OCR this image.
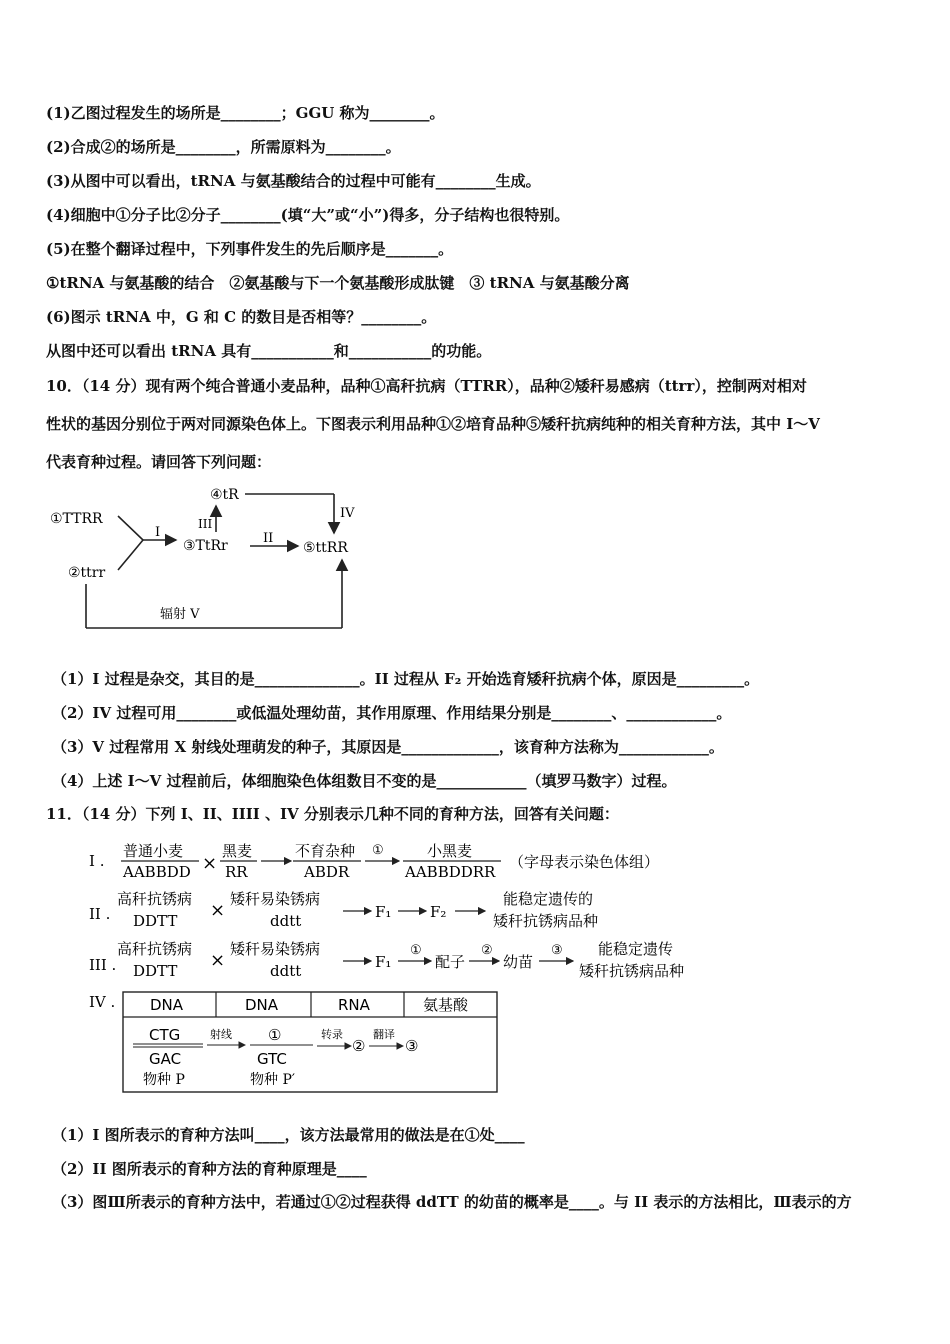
(1)乙图过程发生的场所是________；GGU 称为________。
(2)合成②的场所是________，所需原料为________。
(3)从图中可以看出，tRNA 与氨基酸结合的过程中可能有________生成。
(4)细胞中①分子比②分子________(填“大”或“小”)得多，分子结构也很特别。
(5)在整个翻译过程中，下列事件发生的先后顺序是_______。
①tRNA 与氨基酸的结合　②氨基酸与下一个氨基酸形成肽键　③ tRNA 与氨基酸分离
(6)图示 tRNA 中，G 和 C 的数目是否相等？________。
从图中还可以看出 tRNA 具有___________和___________的功能。
10．（14 分）现有两个纯合普通小麦品种，品种①高秆抗病（TTRR），品种②矮秆易感病（ttrr），控制两对相对
性状的基因分别位于两对同源染色体上。下图表示利用品种①②培育品种⑤矮秆抗病纯种的相关育种方法，其中 I～V
代表育种过程。请回答下列问题：
①TTRR
②ttrr
I
③TtRr
III
④tR
IV
II
⑤ttRR
辐射 V
（1）I 过程是杂交，其目的是______________。II 过程从 F₂ 开始选育矮秆抗病个体，原因是_________。
（2）IV 过程可用________或低温处理幼苗，其作用原理、作用结果分别是________、____________。
（3）V 过程常用 X 射线处理萌发的种子，其原因是_____________，该育种方法称为____________。
（4）上述 I～V 过程前后，体细胞染色体组数目不变的是____________（填罗马数字）过程。
11．（14 分）下列 I、II、IIII 、IV 分别表示几种不同的育种方法，回答有关问题：
I .
普通小麦
AABBDD ×
黑麦
RR
不育杂种
ABDR
①	小黑麦
AABBDDRR
（字母表示染色体组）
II .
高秆抗锈病
DDTT ×
矮秆易染锈病
ddtt	F₁	F₂
能稳定遗传的
矮秆抗锈病品种
III .
高秆抗锈病
DDTT ×
矮秆易染锈病
ddtt	F₁
①
配子
②
幼苗
③ 能稳定遗传
矮秆抗锈病品种
IV . DNA	DNA	RNA	氨基酸
CTG
GAC
物种 P
射线 ①
GTC
物种 P′
转录
②
翻译
③
（1）I 图所表示的育种方法叫____，该方法最常用的做法是在①处____
（2）II 图所表示的育种方法的育种原理是____
（3）图Ⅲ所表示的育种方法中，若通过①②过程获得 ddTT 的幼苗的概率是____。与 II 表示的方法相比，Ⅲ表示的方
